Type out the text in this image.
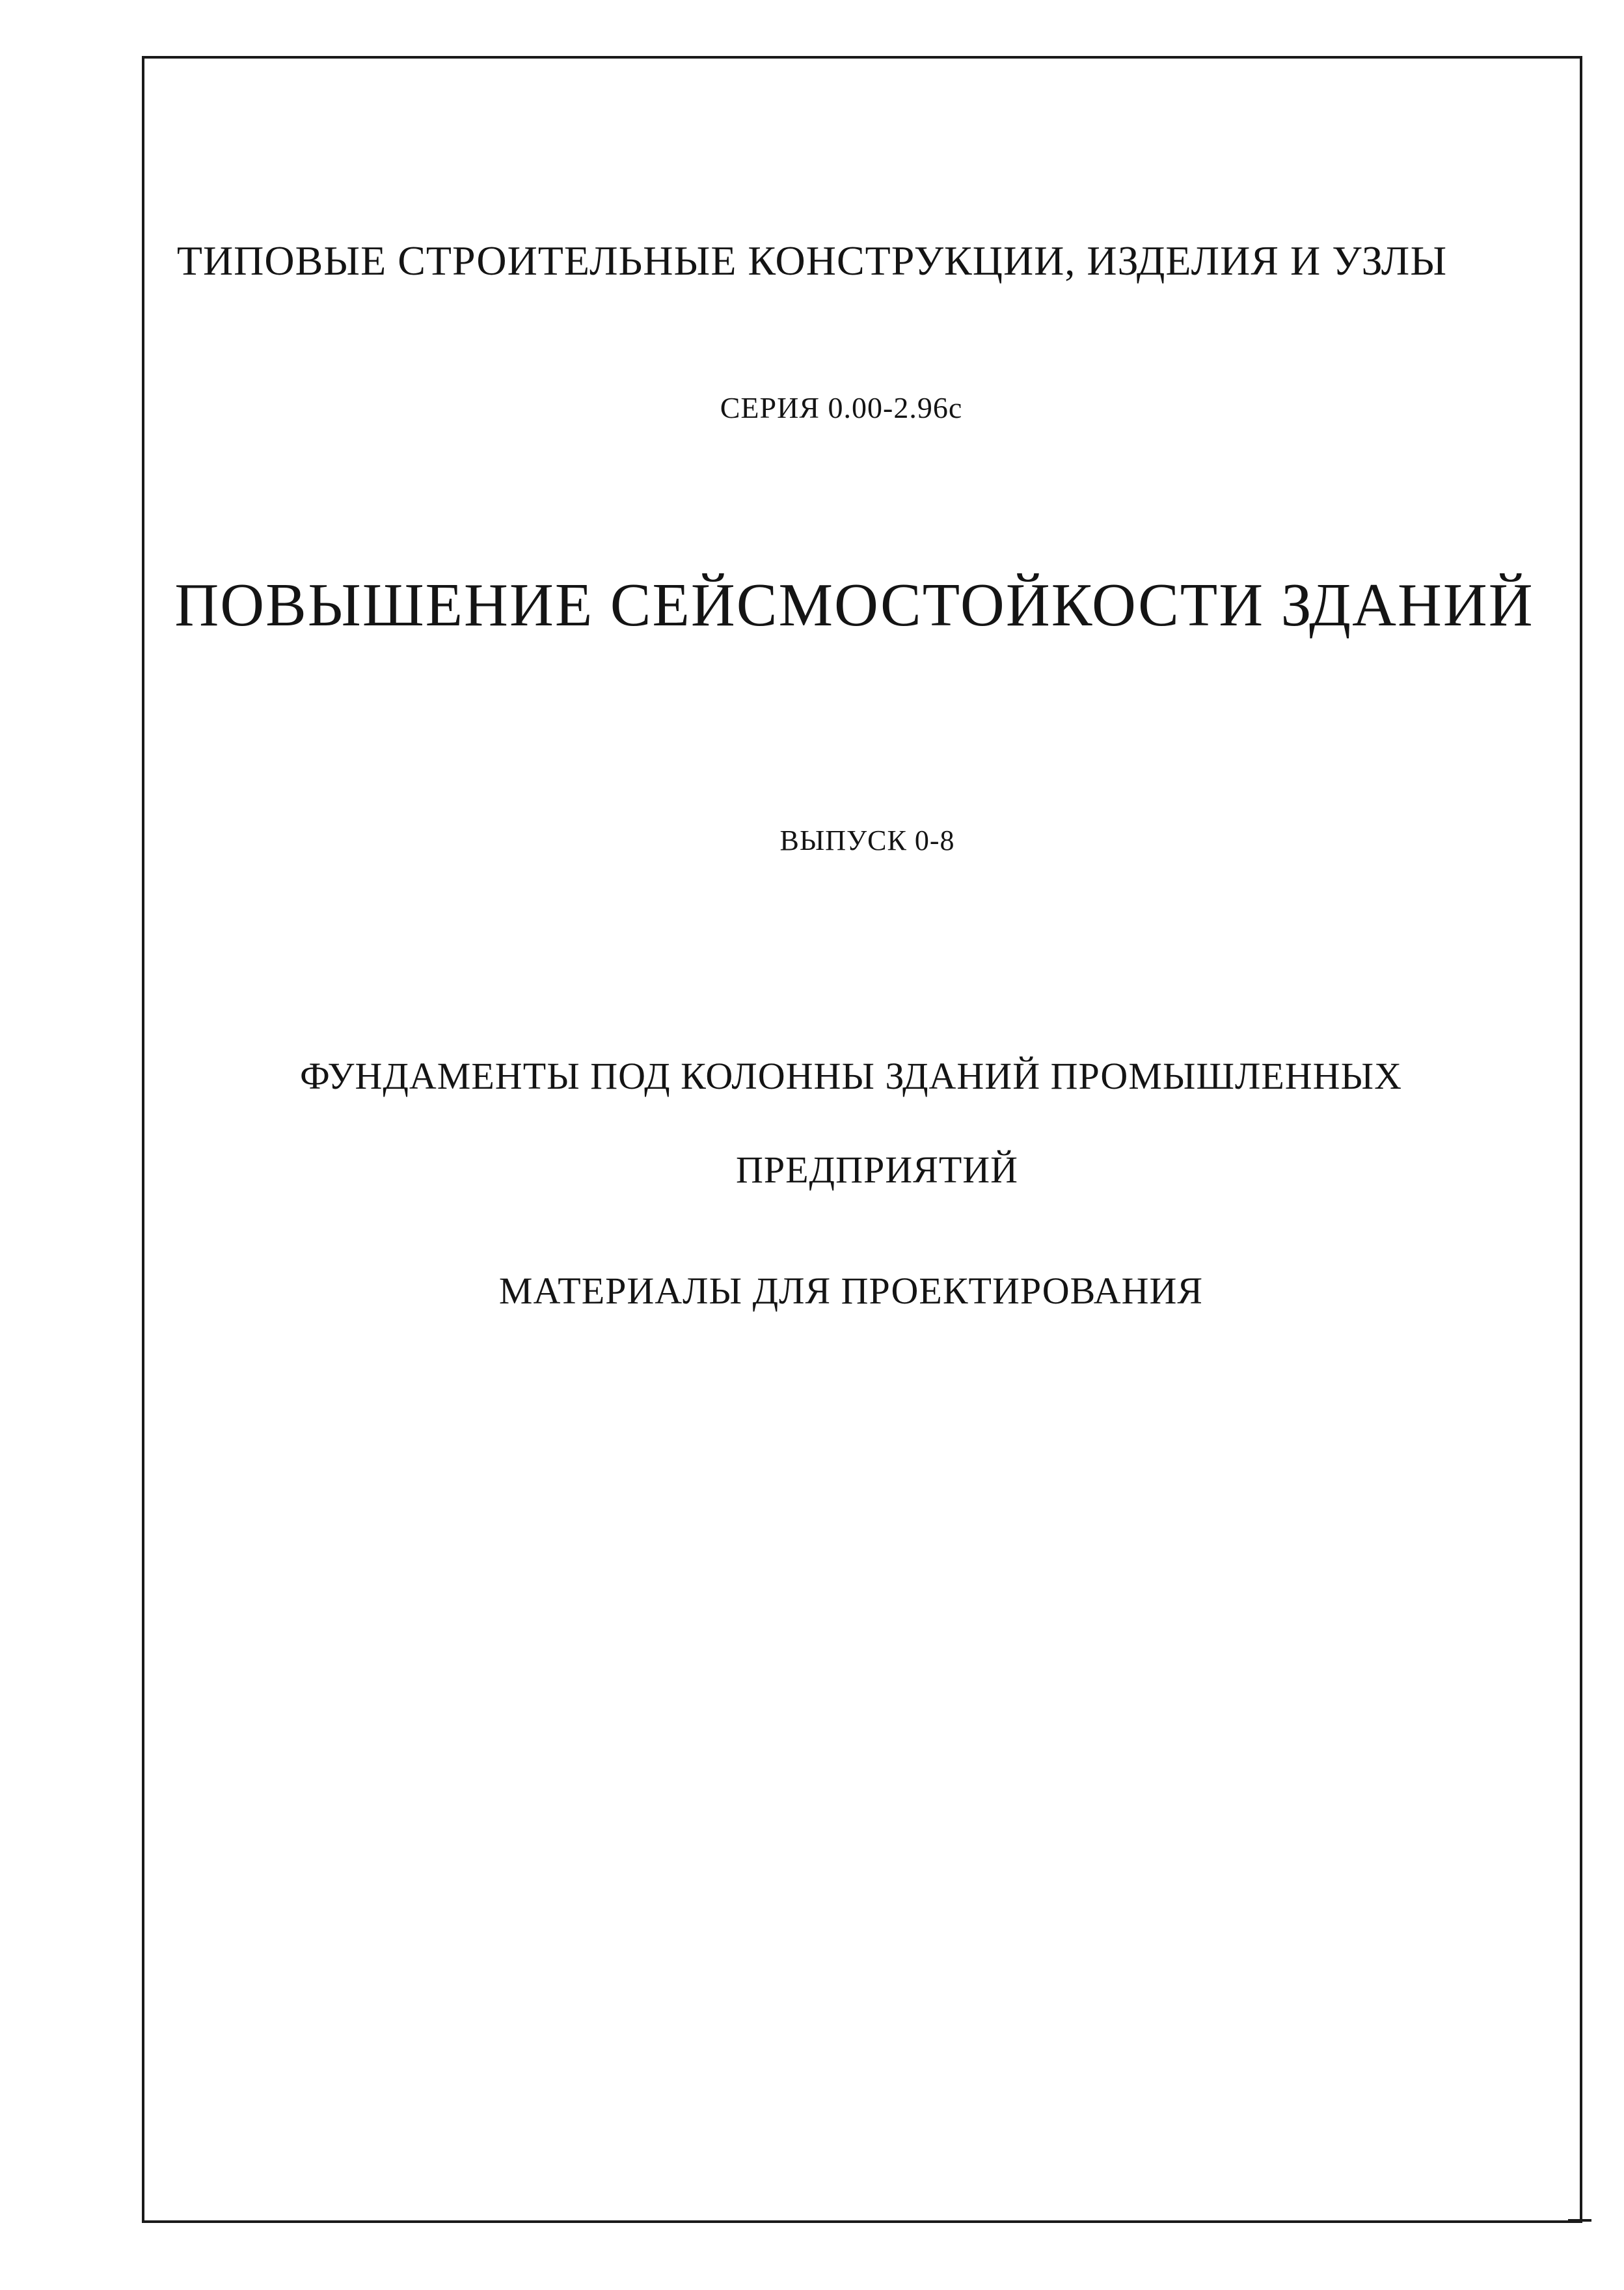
ТИПОВЫЕ СТРОИТЕЛЬНЫЕ КОНСТРУКЦИИ, ИЗДЕЛИЯ И УЗЛЫ
СЕРИЯ 0.00-2.96с
ПОВЫШЕНИЕ СЕЙСМОСТОЙКОСТИ ЗДАНИЙ
ВЫПУСК 0-8
ФУНДАМЕНТЫ ПОД КОЛОННЫ ЗДАНИЙ ПРОМЫШЛЕННЫХ
ПРЕДПРИЯТИЙ
МАТЕРИАЛЫ ДЛЯ ПРОЕКТИРОВАНИЯ
